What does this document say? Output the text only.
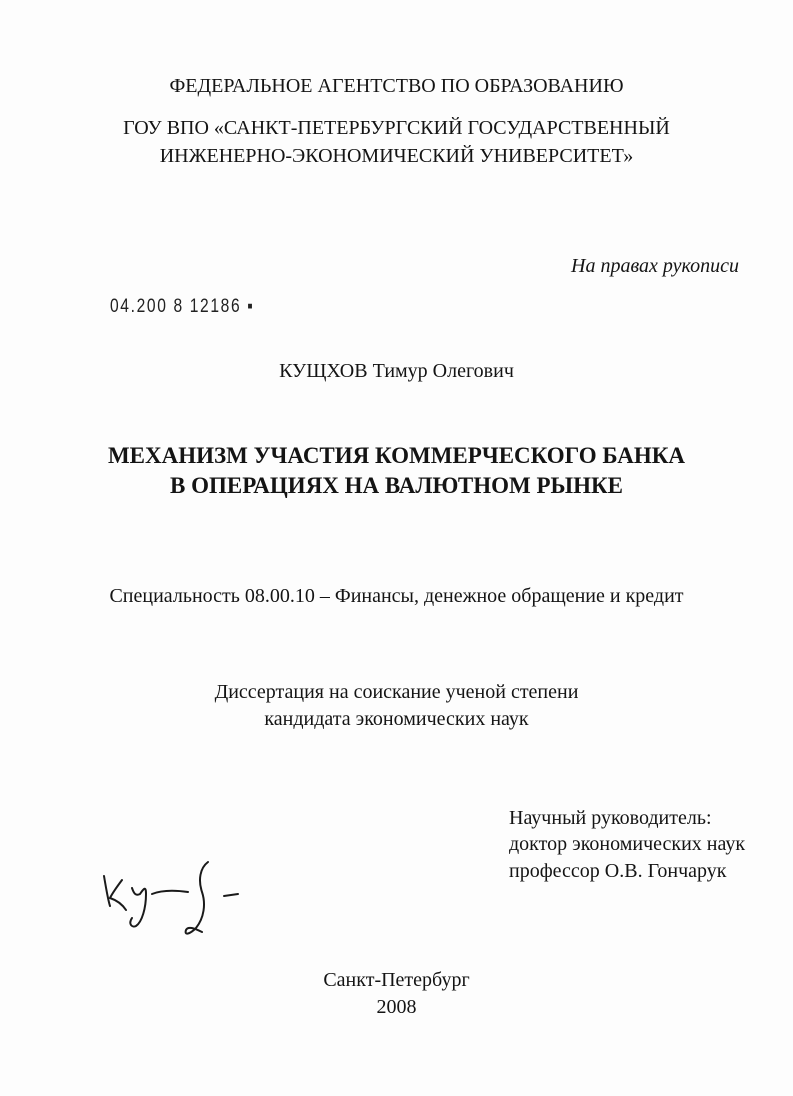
ФЕДЕРАЛЬНОЕ АГЕНТСТВО ПО ОБРАЗОВАНИЮ
ГОУ ВПО «САНКТ-ПЕТЕРБУРГСКИЙ ГОСУДАРСТВЕННЫЙ
ИНЖЕНЕРНО-ЭКОНОМИЧЕСКИЙ УНИВЕРСИТЕТ»
На правах рукописи
04.200 8 12186 ▪
КУЩХОВ Тимур Олегович
МЕХАНИЗМ УЧАСТИЯ КОММЕРЧЕСКОГО БАНКА
В ОПЕРАЦИЯХ НА ВАЛЮТНОМ РЫНКЕ
Специальность 08.00.10 – Финансы, денежное обращение и кредит
Диссертация на соискание ученой степени
кандидата экономических наук
Научный руководитель:
доктор экономических наук
профессор О.В. Гончарук
Санкт-Петербург
2008
